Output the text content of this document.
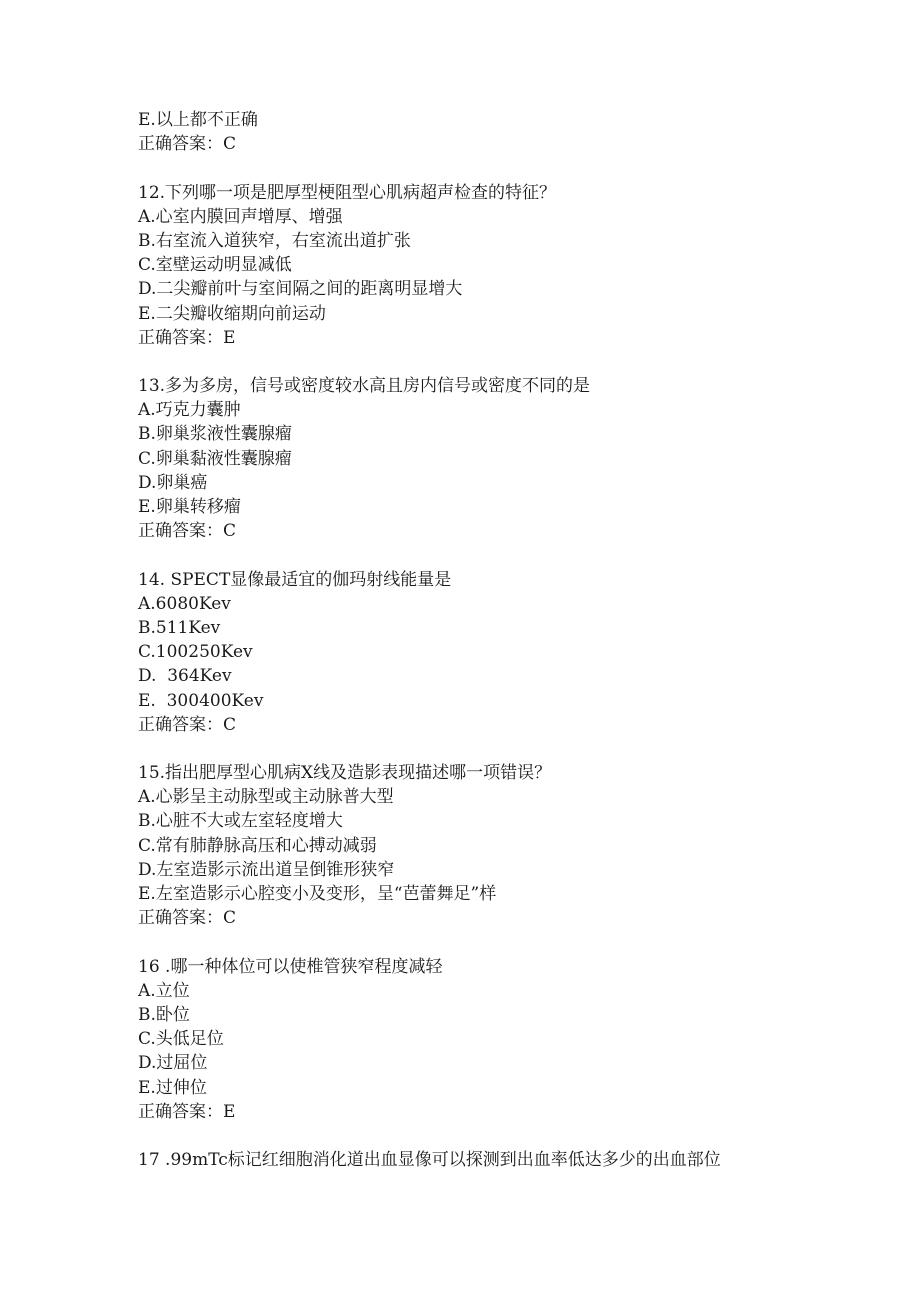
E.以上都不正确
正确答案：C
12.下列哪一项是肥厚型梗阻型心肌病超声检查的特征？
A.心室内膜回声增厚、增强
B.右室流入道狭窄，右室流出道扩张
C.室壁运动明显减低
D.二尖瓣前叶与室间隔之间的距离明显增大
E.二尖瓣收缩期向前运动
正确答案：E
13.多为多房，信号或密度较水高且房内信号或密度不同的是
A.巧克力囊肿
B.卵巢浆液性囊腺瘤
C.卵巢黏液性囊腺瘤
D.卵巢癌
E.卵巢转移瘤
正确答案：C
14. SPECT显像最适宜的伽玛射线能量是
A.6080Kev
B.511Kev
C.100250Kev
D.  364Kev
E.  300400Kev
正确答案：C
15.指出肥厚型心肌病X线及造影表现描述哪一项错误？
A.心影呈主动脉型或主动脉普大型
B.心脏不大或左室轻度增大
C.常有肺静脉高压和心搏动减弱
D.左室造影示流出道呈倒锥形狭窄
E.左室造影示心腔变小及变形，呈“芭蕾舞足”样
正确答案：C
16 .哪一种体位可以使椎管狭窄程度减轻
A.立位
B.卧位
C.头低足位
D.过屈位
E.过伸位
正确答案：E
17 .99mTc标记红细胞消化道出血显像可以探测到出血率低达多少的出血部位
